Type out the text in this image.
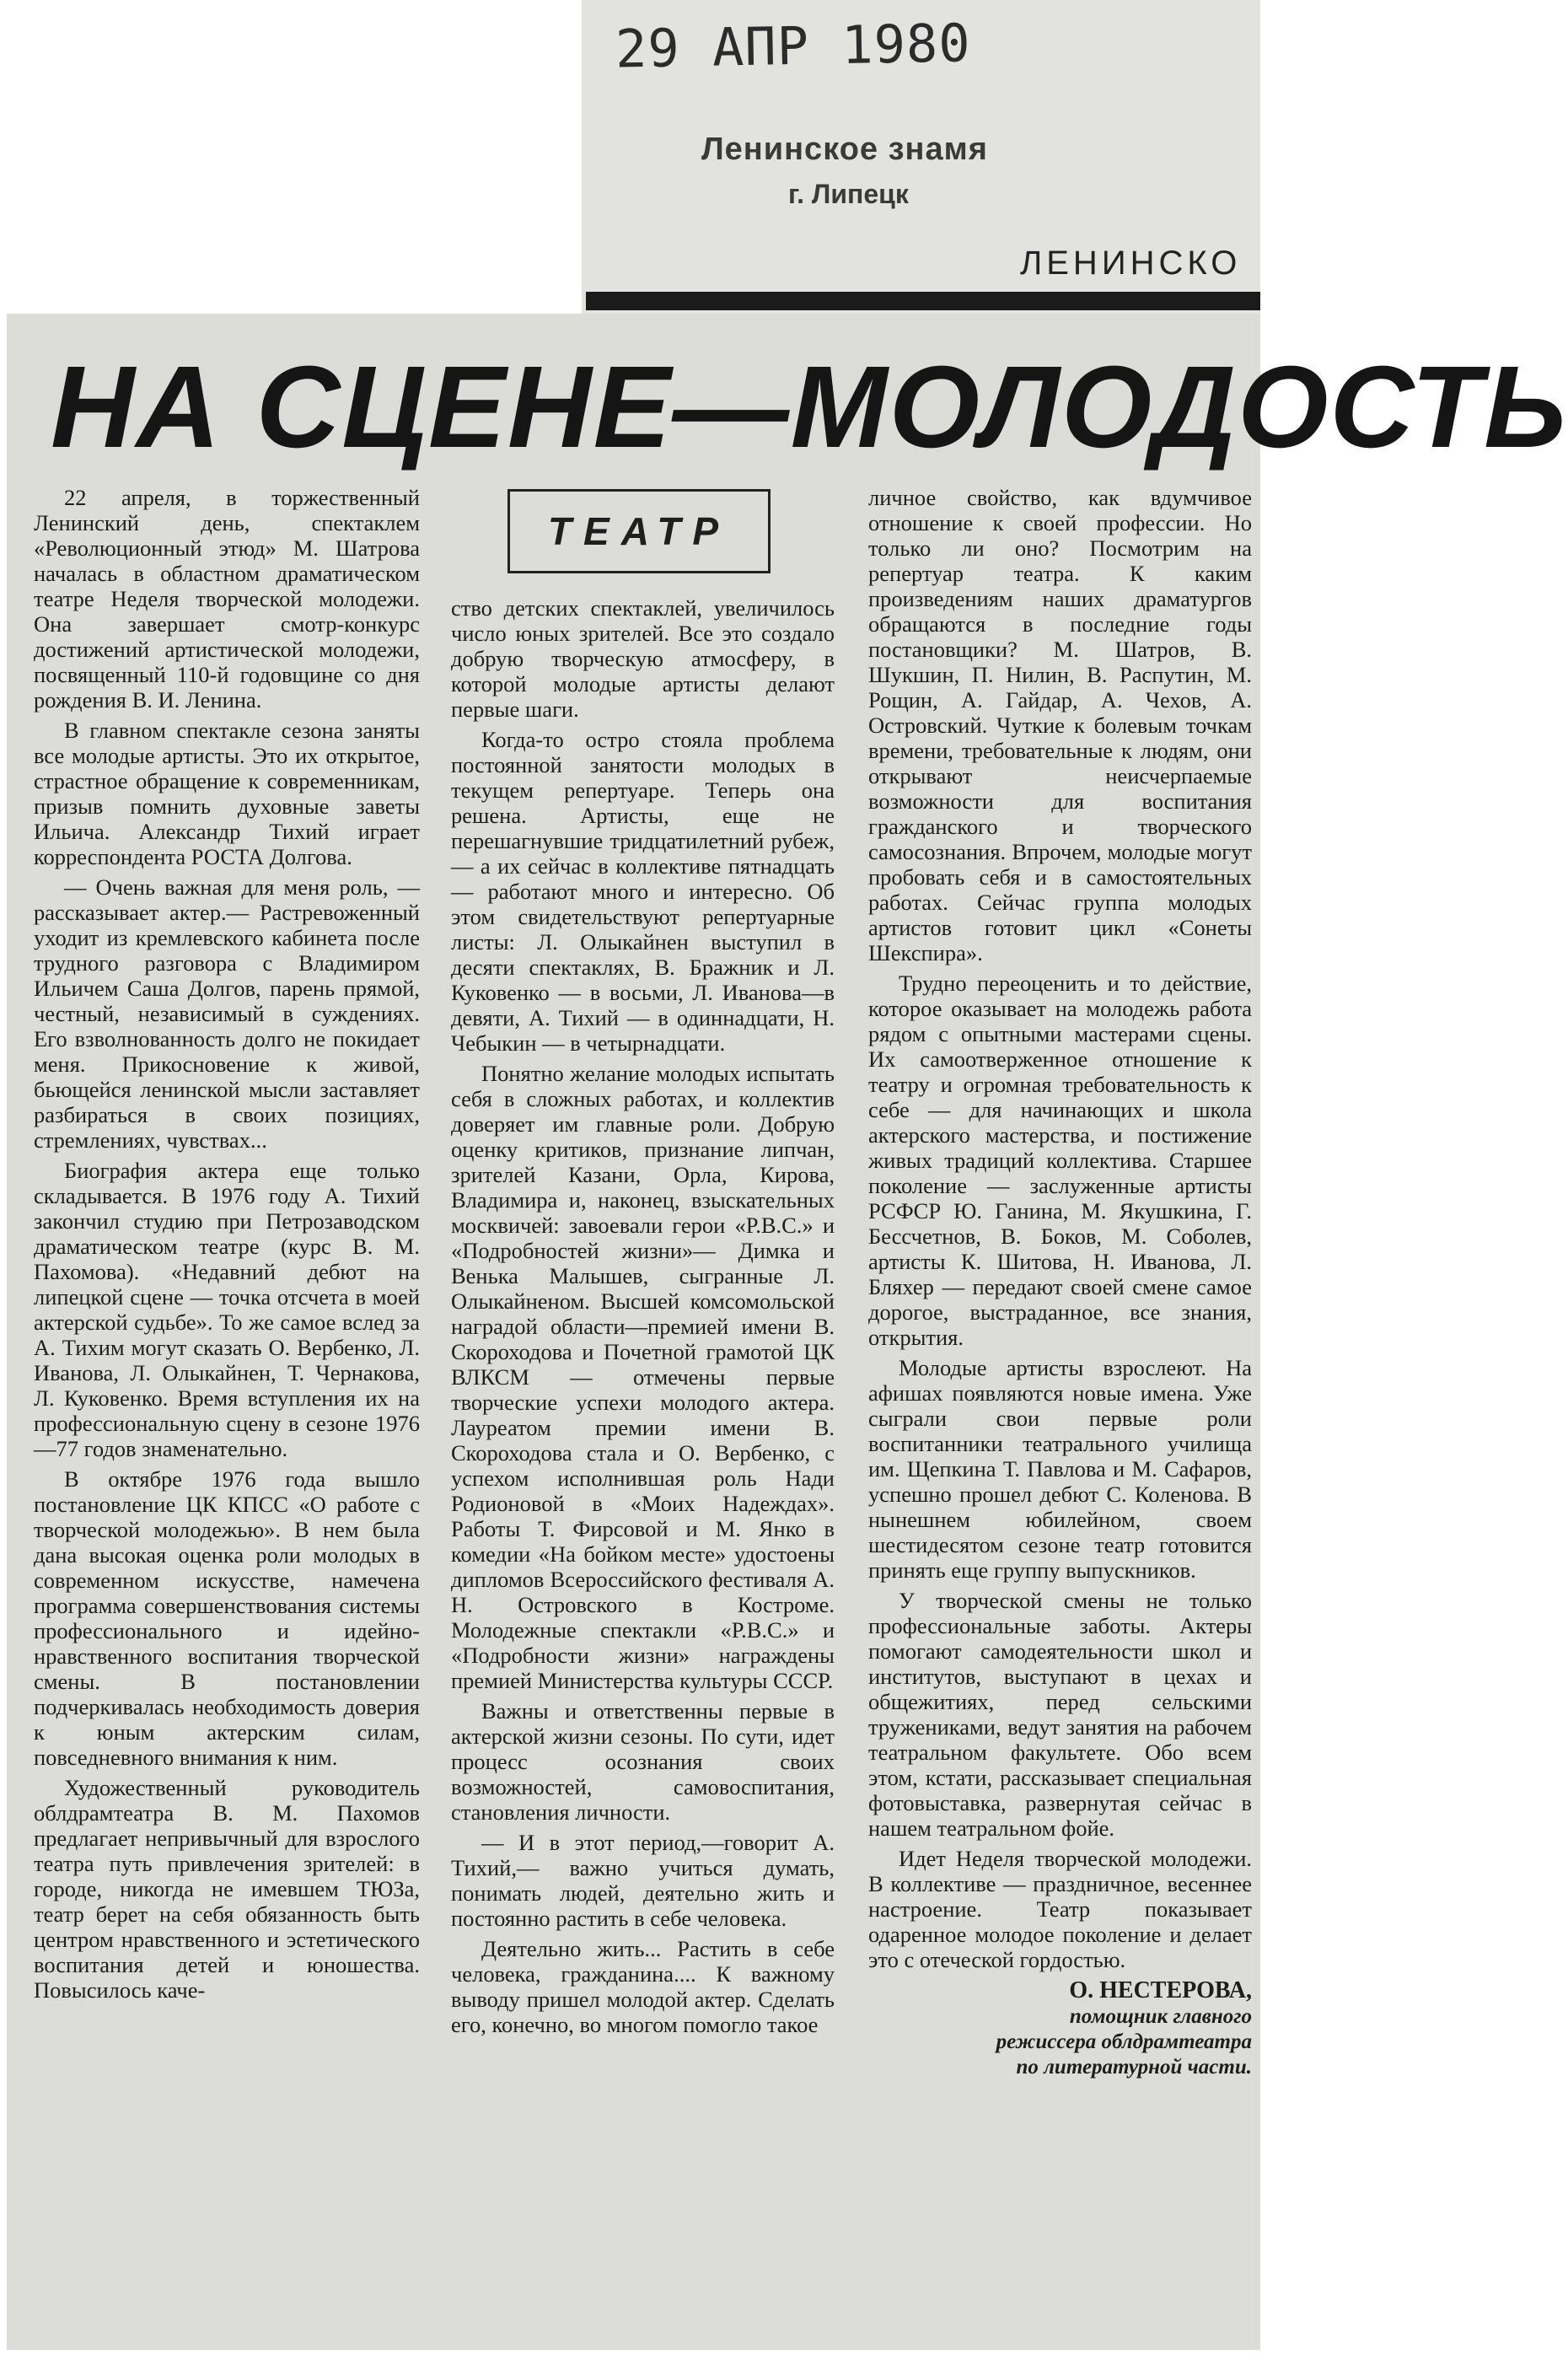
29 АПР 1980
Ленинское знамя
г. Липецк
ЛЕНИНСКО
НА СЦЕНЕ—МОЛОДОСТЬ
ТЕАТР

22 апреля, в торжественный Ленинский день, спектаклем «Революционный этюд» М. Шатрова началась в областном драматическом театре Неделя творческой молодежи. Она завершает смотр-конкурс достижений артистической молодежи, посвященный 110-й годовщине со дня рождения В. И. Ленина.

В главном спектакле сезона заняты все молодые артисты. Это их открытое, страстное обращение к современникам, призыв помнить духовные заветы Ильича. Александр Тихий играет корреспондента РОСТА Долгова.

— Очень важная для меня роль, —рассказывает актер.— Растревоженный уходит из кремлевского кабинета после трудного разговора с Владимиром Ильичем Саша Долгов, парень прямой, честный, независимый в суждениях. Его взволнованность долго не покидает меня. Прикосновение к живой, бьющейся ленинской мысли заставляет разбираться в своих позициях, стремлениях, чувствах...

Биография актера еще только складывается. В 1976 году А. Тихий закончил студию при Петрозаводском драматическом театре (курс В. М. Пахомова). «Недавний дебют на липецкой сцене — точка отсчета в моей актерской судьбе». То же самое вслед за А. Тихим могут сказать О. Вербенко, Л. Иванова, Л. Олыкайнен, Т. Чернакова, Л. Куковенко. Время вступления их на профессиональную сцену в сезоне 1976—77 годов знаменательно.

В октябре 1976 года вышло постановление ЦК КПСС «О работе с творческой молодежью». В нем была дана высокая оценка роли молодых в современном искусстве, намечена программа совершенствования системы профессионального и идейно-нравственного воспитания творческой смены. В постановлении подчеркивалась необходимость доверия к юным актерским силам, повседневного внимания к ним.

Художественный руководитель облдрамтеатра В. М. Пахомов предлагает непривычный для взрослого театра путь привлечения зрителей: в городе, никогда не имевшем ТЮЗа, театр берет на себя обязанность быть центром нравственного и эстетического воспитания детей и юношества. Повысилось каче-

ство детских спектаклей, увеличилось число юных зрителей. Все это создало добрую творческую атмосферу, в которой молодые артисты делают первые шаги.

Когда-то остро стояла проблема постоянной занятости молодых в текущем репертуаре. Теперь она решена. Артисты, еще не перешагнувшие тридцатилетний рубеж,— а их сейчас в коллективе пятнадцать — работают много и интересно. Об этом свидетельствуют репертуарные листы: Л. Олыкайнен выступил в десяти спектаклях, В. Бражник и Л. Куковенко — в восьми, Л. Иванова—в девяти, А. Тихий — в одиннадцати, Н. Чебыкин — в четырнадцати.

Понятно желание молодых испытать себя в сложных работах, и коллектив доверяет им главные роли. Добрую оценку критиков, признание липчан, зрителей Казани, Орла, Кирова, Владимира и, наконец, взыскательных москвичей: завоевали герои «Р.В.С.» и «Подробностей жизни»— Димка и Венька Малышев, сыгранные Л. Олыкайненом. Высшей комсомольской наградой области—премией имени В. Скороходова и Почетной грамотой ЦК ВЛКСМ — отмечены первые творческие успехи молодого актера. Лауреатом премии имени В. Скороходова стала и О. Вербенко, с успехом исполнившая роль Нади Родионовой в «Моих Надеждах». Работы Т. Фирсовой и М. Янко в комедии «На бойком месте» удостоены дипломов Всероссийского фестиваля А. Н. Островского в Костроме. Молодежные спектакли «Р.В.С.» и «Подробности жизни» награждены премией Министерства культуры СССР.

Важны и ответственны первые в актерской жизни сезоны. По сути, идет процесс осознания своих возможностей, самовоспитания, становления личности.

— И в этот период,—говорит А. Тихий,— важно учиться думать, понимать людей, деятельно жить и постоянно растить в себе человека.

Деятельно жить... Растить в себе человека, гражданина.... К важному выводу пришел молодой актер. Сделать его, конечно, во многом помогло такое

личное свойство, как вдумчивое отношение к своей профессии. Но только ли оно? Посмотрим на репертуар театра. К каким произведениям наших драматургов обращаются в последние годы постановщики? М. Шатров, В. Шукшин, П. Нилин, В. Распутин, М. Рощин, А. Гайдар, А. Чехов, А. Островский. Чуткие к болевым точкам времени, требовательные к людям, они открывают неисчерпаемые возможности для воспитания гражданского и творческого самосознания. Впрочем, молодые могут пробовать себя и в самостоятельных работах. Сейчас группа молодых артистов готовит цикл «Сонеты Шекспира».

Трудно переоценить и то действие, которое оказывает на молодежь работа рядом с опытными мастерами сцены. Их самоотверженное отношение к театру и огромная требовательность к себе — для начинающих и школа актерского мастерства, и постижение живых традиций коллектива. Старшее поколение — заслуженные артисты РСФСР Ю. Ганина, М. Якушкина, Г. Бессчетнов, В. Боков, М. Соболев, артисты К. Шитова, Н. Иванова, Л. Бляхер — передают своей смене самое дорогое, выстраданное, все знания, открытия.

Молодые артисты взрослеют. На афишах появляются новые имена. Уже сыграли свои первые роли воспитанники театрального училища им. Щепкина Т. Павлова и М. Сафаров, успешно прошел дебют С. Коленова. В нынешнем юбилейном, своем шестидесятом сезоне театр готовится принять еще группу выпускников.

У творческой смены не только профессиональные заботы. Актеры помогают самодеятельности школ и институтов, выступают в цехах и общежитиях, перед сельскими тружениками, ведут занятия на рабочем театральном факультете. Обо всем этом, кстати, рассказывает специальная фотовыставка, развернутая сейчас в нашем театральном фойе.

Идет Неделя творческой молодежи. В коллективе — праздничное, весеннее настроение. Театр показывает одаренное молодое поколение и делает это с отеческой гордостью.

О. НЕСТЕРОВА,
помощник главного
режиссера облдрамтеатра
по литературной части.
